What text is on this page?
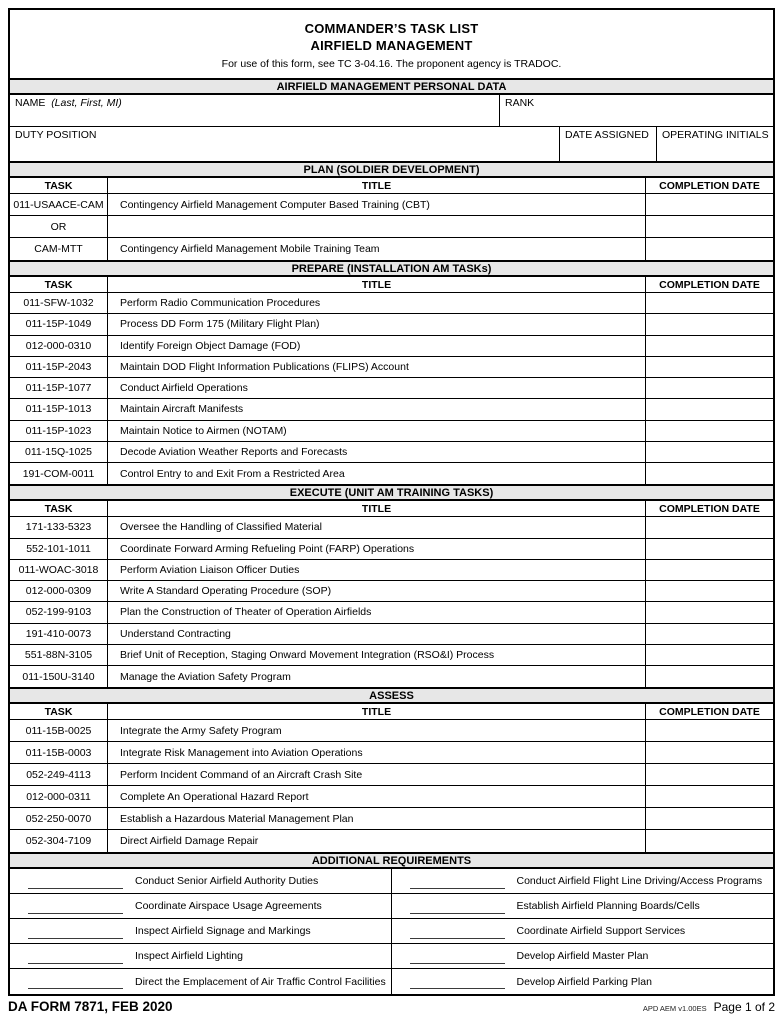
COMMANDER’S TASK LIST
AIRFIELD MANAGEMENT
For use of this form, see TC 3-04.16. The proponent agency is TRADOC.
AIRFIELD MANAGEMENT PERSONAL DATA
NAME (Last, First, MI)	RANK
DUTY POSITION	DATE ASSIGNED	OPERATING INITIALS
PLAN (SOLDIER DEVELOPMENT)
TASK	TITLE	COMPLETION DATE
011-USAACE-CAM	Contingency Airfield Management Computer Based Training (CBT)
OR
CAM-MTT	Contingency Airfield Management Mobile Training Team
PREPARE (INSTALLATION AM TASKs)
TASK	TITLE	COMPLETION DATE
011-SFW-1032	Perform Radio Communication Procedures
011-15P-1049	Process DD Form 175 (Military Flight Plan)
012-000-0310	Identify Foreign Object Damage (FOD)
011-15P-2043	Maintain DOD Flight Information Publications (FLIPS) Account
011-15P-1077	Conduct Airfield Operations
011-15P-1013	Maintain Aircraft Manifests
011-15P-1023	Maintain Notice to Airmen (NOTAM)
011-15Q-1025	Decode Aviation Weather Reports and Forecasts
191-COM-0011	Control Entry to and Exit From a Restricted Area
EXECUTE (UNIT AM TRAINING TASKS)
TASK	TITLE	COMPLETION DATE
171-133-5323	Oversee the Handling of Classified Material
552-101-1011	Coordinate Forward Arming Refueling Point (FARP) Operations
011-WOAC-3018	Perform Aviation Liaison Officer Duties
012-000-0309	Write A Standard Operating Procedure (SOP)
052-199-9103	Plan the Construction of Theater of Operation Airfields
191-410-0073	Understand Contracting
551-88N-3105	Brief Unit of Reception, Staging Onward Movement Integration (RSO&I) Process
011-150U-3140	Manage the Aviation Safety Program
ASSESS
TASK	TITLE	COMPLETION DATE
011-15B-0025	Integrate the Army Safety Program
011-15B-0003	Integrate Risk Management into Aviation Operations
052-249-4113	Perform Incident Command of an Aircraft Crash Site
012-000-0311	Complete An Operational Hazard Report
052-250-0070	Establish a Hazardous Material Management Plan
052-304-7109	Direct Airfield Damage Repair
ADDITIONAL REQUIREMENTS
Conduct Senior Airfield Authority Duties	Conduct Airfield Flight Line Driving/Access Programs
Coordinate Airspace Usage Agreements	Establish Airfield Planning Boards/Cells
Inspect Airfield Signage and Markings	Coordinate Airfield Support Services
Inspect Airfield Lighting	Develop Airfield Master Plan
Direct the Emplacement of Air Traffic Control Facilities	Develop Airfield Parking Plan
DA FORM 7871, FEB 2020	APD AEM v1.00ES Page 1 of 2
